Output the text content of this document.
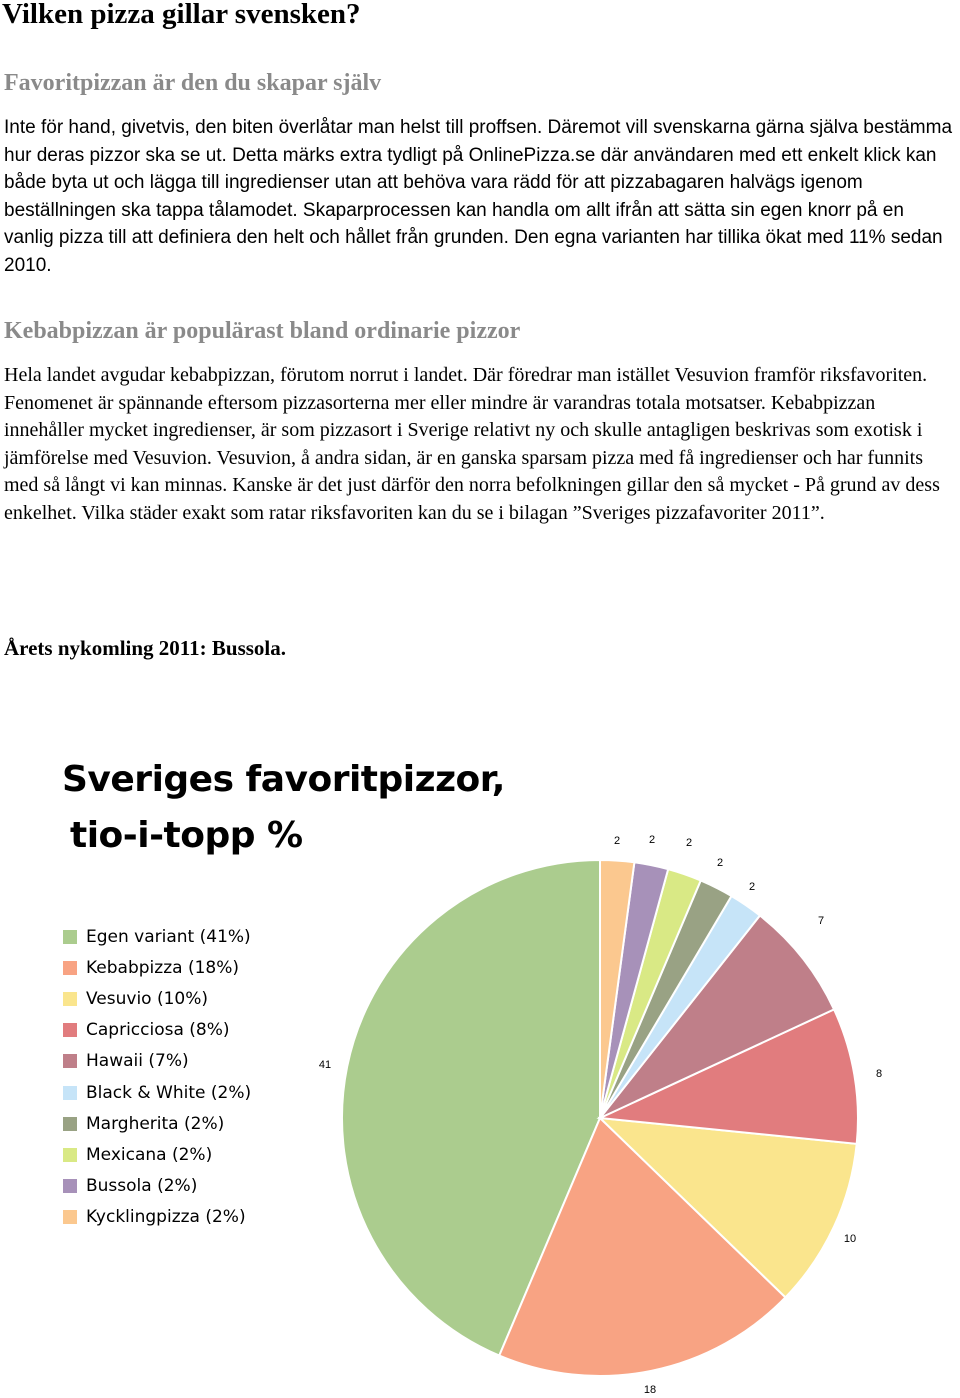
Vilken pizza gillar svensken?
Favoritpizzan är den du skapar själv

Inte för hand, givetvis, den biten överlåtar man helst till proffsen. Däremot vill svenskarna gärna själva bestämma hur deras pizzor ska se ut. Detta märks extra tydligt på OnlinePizza.se där användaren med ett enkelt klick kan både byta ut och lägga till ingredienser utan att behöva vara rädd för att pizzabagaren halvägs igenom beställningen ska tappa tålamodet. Skaparprocessen kan handla om allt ifrån att sätta sin egen knorr på en vanlig pizza till att definiera den helt och hållet från grunden. Den egna varianten har tillika ökat med 11% sedan 2010.

Kebabpizzan är populärast bland ordinarie pizzor

Hela landet avgudar kebabpizzan, förutom norrut i landet. Där föredrar man istället Vesuvion framför riksfavoriten. Fenomenet är spännande eftersom pizzasorterna mer eller mindre är varandras totala motsatser. Kebabpizzan innehåller mycket ingredienser, är som pizzasort i Sverige relativt ny och skulle antagligen beskrivas som exotisk i jämförelse med Vesuvion. Vesuvion, å andra sidan, är en ganska sparsam pizza med få ingredienser och har funnits med så långt vi kan minnas. Kanske är det just därför den norra befolkningen gillar den så mycket - På grund av dess enkelhet. Vilka städer exakt som ratar riksfavoriten kan du se i bilagan ”Sveriges pizzafavoriter 2011”.

Årets nykomling 2011: Bussola.

Sveriges favoritpizzor,
tio-i-topp %
Egen variant (41%)
Kebabpizza (18%)
Vesuvio (10%)
Capricciosa (8%)
Hawaii (7%)
Black & White (2%)
Margherita (2%)
Mexicana (2%)
Bussola (2%)
Kycklingpizza (2%)
41
18
10
8
7
2
2
2
2
2
